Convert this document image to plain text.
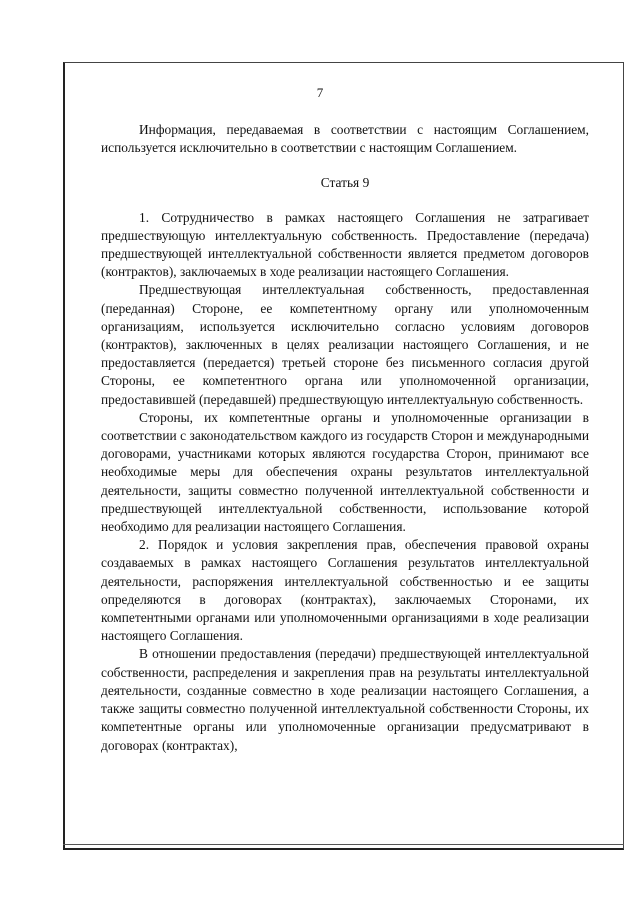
7

Информация, передаваемая в соответствии с настоящим Соглашением, используется исключительно в соответствии с настоящим Соглашением.

Статья 9

1. Сотрудничество в рамках настоящего Соглашения не затрагивает предшествующую интеллектуальную собственность. Предоставление (передача) предшествующей интеллектуальной собственности является предметом договоров (контрактов), заключаемых в ходе реализации настоящего Соглашения.

Предшествующая интеллектуальная собственность, предоставленная (переданная) Стороне, ее компетентному органу или уполномоченным организациям, используется исключительно согласно условиям договоров (контрактов), заключенных в целях реализации настоящего Соглашения, и не предоставляется (передается) третьей стороне без письменного согласия другой Стороны, ее компетентного органа или уполномоченной организации, предоставившей (передавшей) предшествующую интеллектуальную собственность.

Стороны, их компетентные органы и уполномоченные организации в соответствии с законодательством каждого из государств Сторон и международными договорами, участниками которых являются государства Сторон, принимают все необходимые меры для обеспечения охраны результатов интеллектуальной деятельности, защиты совместно полученной интеллектуальной собственности и предшествующей интеллектуальной собственности, использование которой необходимо для реализации настоящего Соглашения.

2. Порядок и условия закрепления прав, обеспечения правовой охраны создаваемых в рамках настоящего Соглашения результатов интеллектуальной деятельности, распоряжения интеллектуальной собственностью и ее защиты определяются в договорах (контрактах), заключаемых Сторонами, их компетентными органами или уполномоченными организациями в ходе реализации настоящего Соглашения.

В отношении предоставления (передачи) предшествующей интеллектуальной собственности, распределения и закрепления прав на результаты интеллектуальной деятельности, созданные совместно в ходе реализации настоящего Соглашения, а также защиты совместно полученной интеллектуальной собственности Стороны, их компетентные органы или уполномоченные организации предусматривают в договорах (контрактах),
